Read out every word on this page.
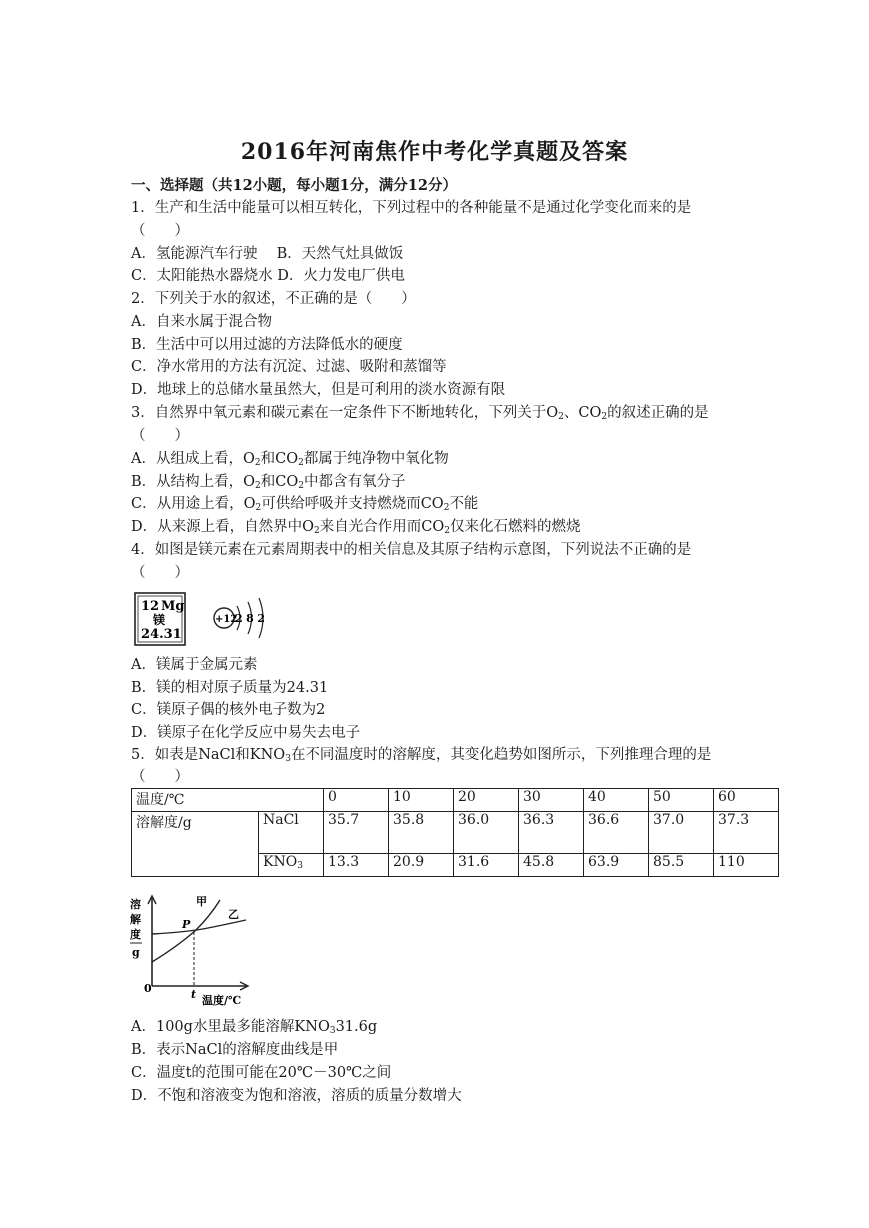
2016年河南焦作中考化学真题及答案
一、选择题（共12小题，每小题1分，满分12分）
1．生产和生活中能量可以相互转化，下列过程中的各种能量不是通过化学变化而来的是
（　　）
A．氢能源汽车行驶　 B．天然气灶具做饭
C．太阳能热水器烧水 D．火力发电厂供电
2．下列关于水的叙述，不正确的是（　　）
A．自来水属于混合物
B．生活中可以用过滤的方法降低水的硬度
C．净水常用的方法有沉淀、过滤、吸附和蒸馏等
D．地球上的总储水量虽然大，但是可利用的淡水资源有限
3．自然界中氧元素和碳元素在一定条件下不断地转化，下列关于$O_2$、$CO_2$的叙述正确的是
（　　）
A．从组成上看，$O_2$和$CO_2$都属于纯净物中氧化物
B．从结构上看，$O_2$和$CO_2$中都含有氧分子
C．从用途上看，$O_2$可供给呼吸并支持燃烧而$CO_2$不能
D．从来源上看，自然界中$O_2$来自光合作用而$CO_2$仅来化石燃料的燃烧
4．如图是镁元素在元素周期表中的相关信息及其原子结构示意图，下列说法不正确的是
（　　）
12 Mg
镁
24.31
+12
2 8 2
A．镁属于金属元素
B．镁的相对原子质量为24.31
C．镁原子偶的核外电子数为2
D．镁原子在化学反应中易失去电子
5．如表是NaCl和$KNO_3$在不同温度时的溶解度，其变化趋势如图所示，下列推理合理的是
（　　）
温度/℃		0	10	20	30	40	50	60	
溶解度/g	NaCl	35.7	35.8	36.0	36.3	36.6	37.0	37.3	
	$KNO_3$	13.3	20.9	31.6	45.8	63.9	85.5	110	
溶
解
度
g
甲
乙
P
0	t 温度/℃
A．100g水里最多能溶解$KNO_331.6g$
B．表示NaCl的溶解度曲线是甲
C．温度t的范围可能在20℃－30℃之间
D．不饱和溶液变为饱和溶液，溶质的质量分数增大
